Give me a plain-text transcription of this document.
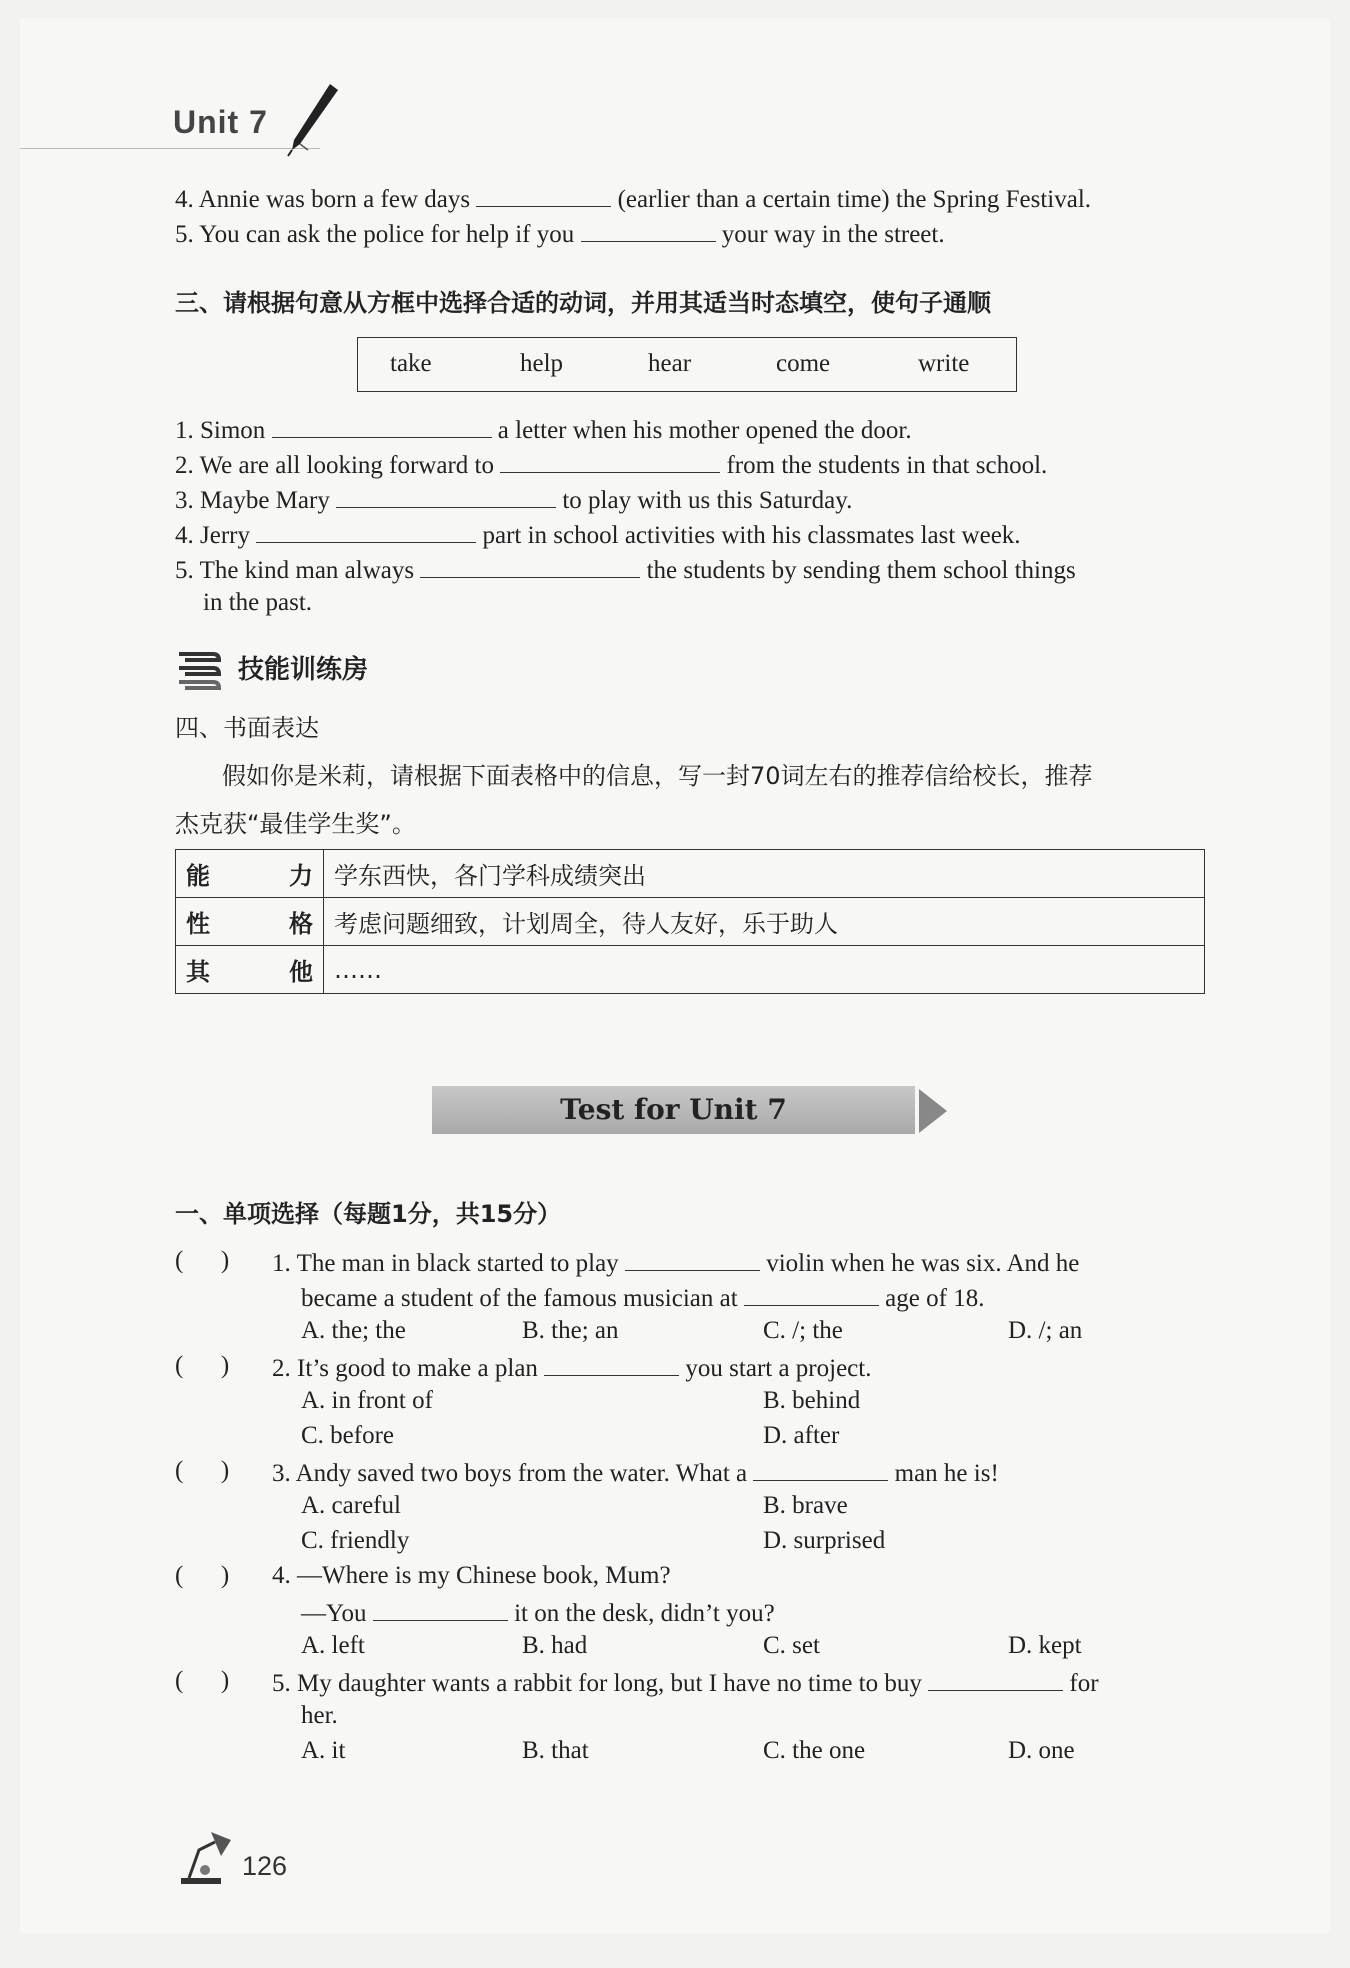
Unit 7
4. Annie was born a few days	(earlier than a certain time) the Spring Festival.
5. You can ask the police for help if you	your way in the street.
三、请根据句意从方框中选择合适的动词，并用其适当时态填空，使句子通顺
take	help	hear	come	write
1. Simon	a letter when his mother opened the door.
2. We are all looking forward to	from the students in that school.
3. Maybe Mary	to play with us this Saturday.
4. Jerry	part in school activities with his classmates last week.
5. The kind man always	the students by sending them school things
in the past.
技能训练房
四、书面表达
假如你是米莉，请根据下面表格中的信息，写一封70词左右的推荐信给校长，推荐
杰克获“最佳学生奖”。
能 力	学东西快，各门学科成绩突出

性 格	考虑问题细致，计划周全，待人友好，乐于助人

其 他	……
Test for Unit 7
一、单项选择（每题1分，共15分）
(      ) 1. The man in black started to play	violin when he was six. And he
became a student of the famous musician at	age of 18.
A. the; the	B. the; an	C. /; the	D. /; an
(      ) 2. It’s good to make a plan	you start a project.
A. in front of	B. behind
C. before	D. after
(      ) 3. Andy saved two boys from the water. What a	man he is!
A. careful	B. brave
C. friendly	D. surprised
(      ) 4. —Where is my Chinese book, Mum?
—You	it on the desk, didn’t you?
A. left	B. had	C. set	D. kept
(      ) 5. My daughter wants a rabbit for long, but I have no time to buy	for
her.
A. it	B. that	C. the one	D. one
126
